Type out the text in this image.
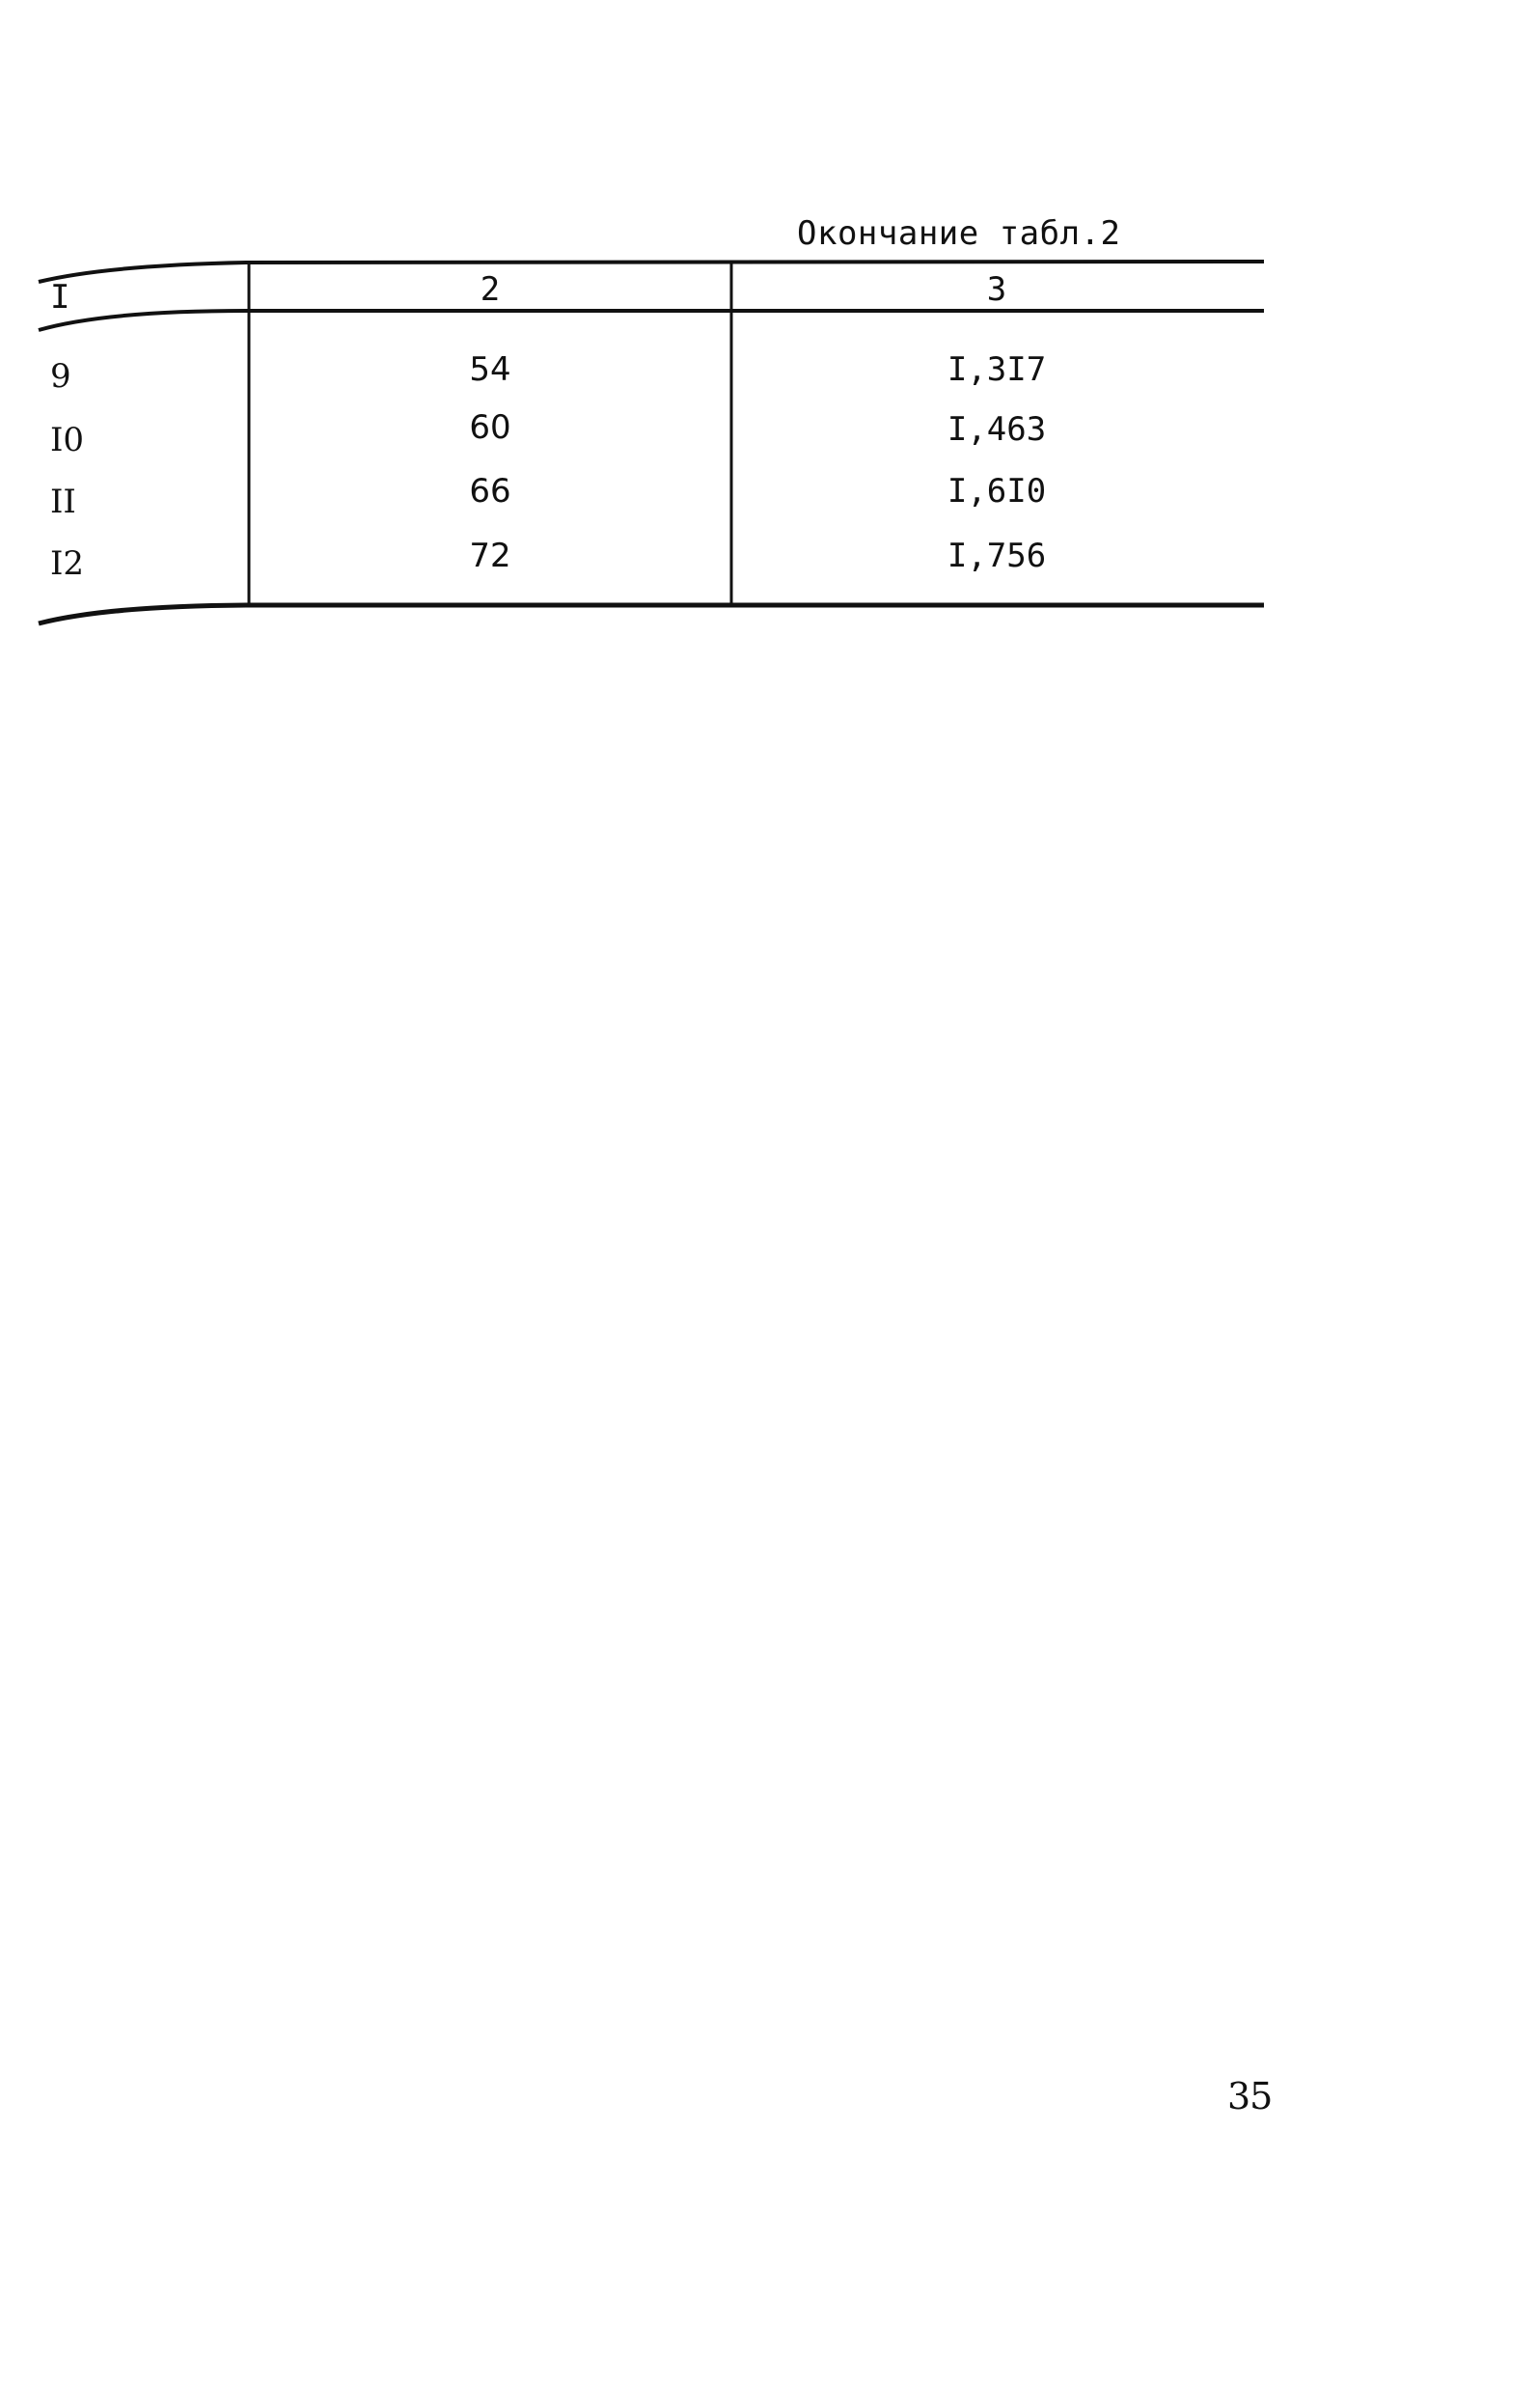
Окончание табл.2
I	2	3
9	54	I,3I7
I0	60	I,463
II	66	I,6I0
I2	72	I,756
35
